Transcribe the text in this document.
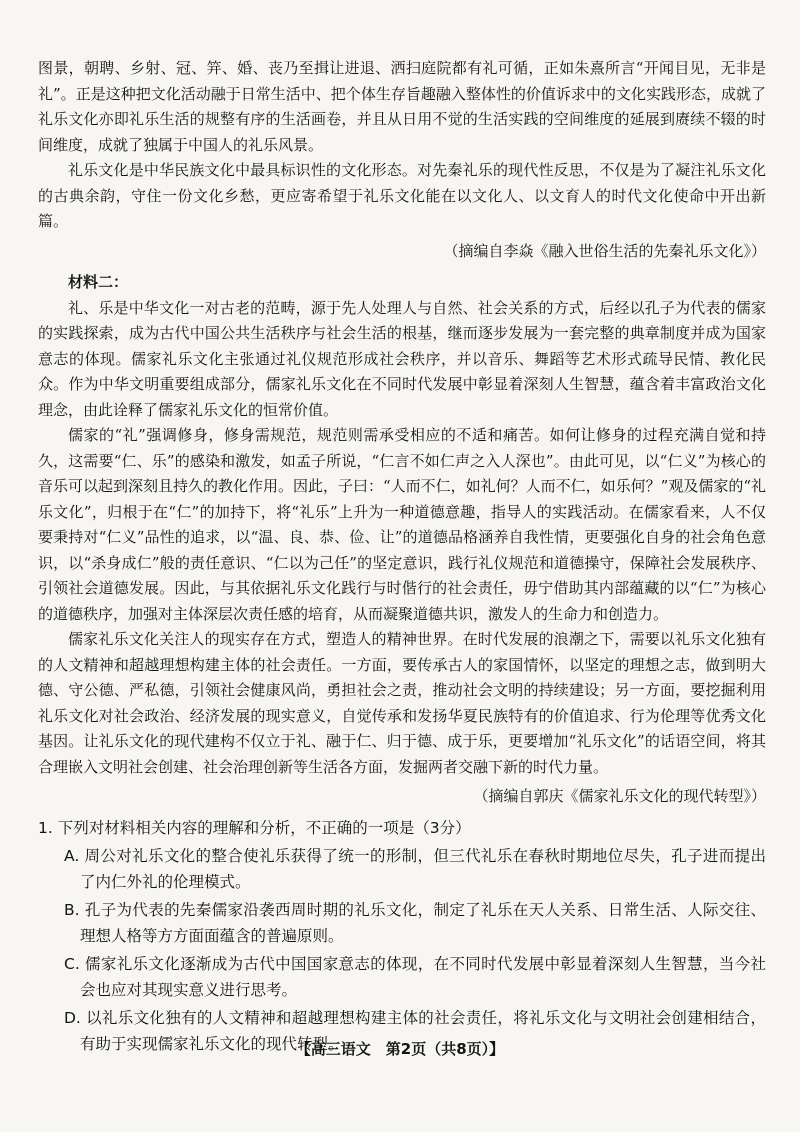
图景，朝聘、乡射、冠、笄、婚、丧乃至揖让进退、洒扫庭院都有礼可循，正如朱熹所言“开闻目见，无非是礼”。正是这种把文化活动融于日常生活中、把个体生存旨趣融入整体性的价值诉求中的文化实践形态，成就了礼乐文化亦即礼乐生活的规整有序的生活画卷，并且从日用不觉的生活实践的空间维度的延展到赓续不辍的时间维度，成就了独属于中国人的礼乐风景。

礼乐文化是中华民族文化中最具标识性的文化形态。对先秦礼乐的现代性反思，不仅是为了凝注礼乐文化的古典余韵，守住一份文化乡愁，更应寄希望于礼乐文化能在以文化人、以文育人的时代文化使命中开出新篇。

（摘编自李焱《融入世俗生活的先秦礼乐文化》）

材料二：

礼、乐是中华文化一对古老的范畴，源于先人处理人与自然、社会关系的方式，后经以孔子为代表的儒家的实践探索，成为古代中国公共生活秩序与社会生活的根基，继而逐步发展为一套完整的典章制度并成为国家意志的体现。儒家礼乐文化主张通过礼仪规范形成社会秩序，并以音乐、舞蹈等艺术形式疏导民情、教化民众。作为中华文明重要组成部分，儒家礼乐文化在不同时代发展中彰显着深刻人生智慧，蕴含着丰富政治文化理念，由此诠释了儒家礼乐文化的恒常价值。

儒家的“礼”强调修身，修身需规范，规范则需承受相应的不适和痛苦。如何让修身的过程充满自觉和持久，这需要“仁、乐”的感染和激发，如孟子所说，“仁言不如仁声之入人深也”。由此可见，以“仁义”为核心的音乐可以起到深刻且持久的教化作用。因此，子曰：“人而不仁，如礼何？人而不仁，如乐何？”观及儒家的“礼乐文化”，归根于在“仁”的加持下，将“礼乐”上升为一种道德意趣，指导人的实践活动。在儒家看来，人不仅要秉持对“仁义”品性的追求，以“温、良、恭、俭、让”的道德品格涵养自我性情，更要强化自身的社会角色意识，以“杀身成仁”般的责任意识、“仁以为己任”的坚定意识，践行礼仪规范和道德操守，保障社会发展秩序、引领社会道德发展。因此，与其依据礼乐文化践行与时偕行的社会责任，毋宁借助其内部蕴藏的以“仁”为核心的道德秩序，加强对主体深层次责任感的培育，从而凝聚道德共识，激发人的生命力和创造力。

儒家礼乐文化关注人的现实存在方式，塑造人的精神世界。在时代发展的浪潮之下，需要以礼乐文化独有的人文精神和超越理想构建主体的社会责任。一方面，要传承古人的家国情怀，以坚定的理想之志，做到明大德、守公德、严私德，引领社会健康风尚，勇担社会之责，推动社会文明的持续建设；另一方面，要挖掘利用礼乐文化对社会政治、经济发展的现实意义，自觉传承和发扬华夏民族特有的价值追求、行为伦理等优秀文化基因。让礼乐文化的现代建构不仅立于礼、融于仁、归于德、成于乐，更要增加“礼乐文化”的话语空间，将其合理嵌入文明社会创建、社会治理创新等生活各方面，发掘两者交融下新的时代力量。

（摘编自郭庆《儒家礼乐文化的现代转型》）

1. 下列对材料相关内容的理解和分析，不正确的一项是（3分）

A. 周公对礼乐文化的整合使礼乐获得了统一的形制，但三代礼乐在春秋时期地位尽失，孔子进而提出了内仁外礼的伦理模式。

B. 孔子为代表的先秦儒家沿袭西周时期的礼乐文化，制定了礼乐在天人关系、日常生活、人际交往、理想人格等方方面面蕴含的普遍原则。

C. 儒家礼乐文化逐渐成为古代中国国家意志的体现，在不同时代发展中彰显着深刻人生智慧，当今社会也应对其现实意义进行思考。

D. 以礼乐文化独有的人文精神和超越理想构建主体的社会责任，将礼乐文化与文明社会创建相结合，有助于实现儒家礼乐文化的现代转型。

【高三语文　第2页（共8页）】
